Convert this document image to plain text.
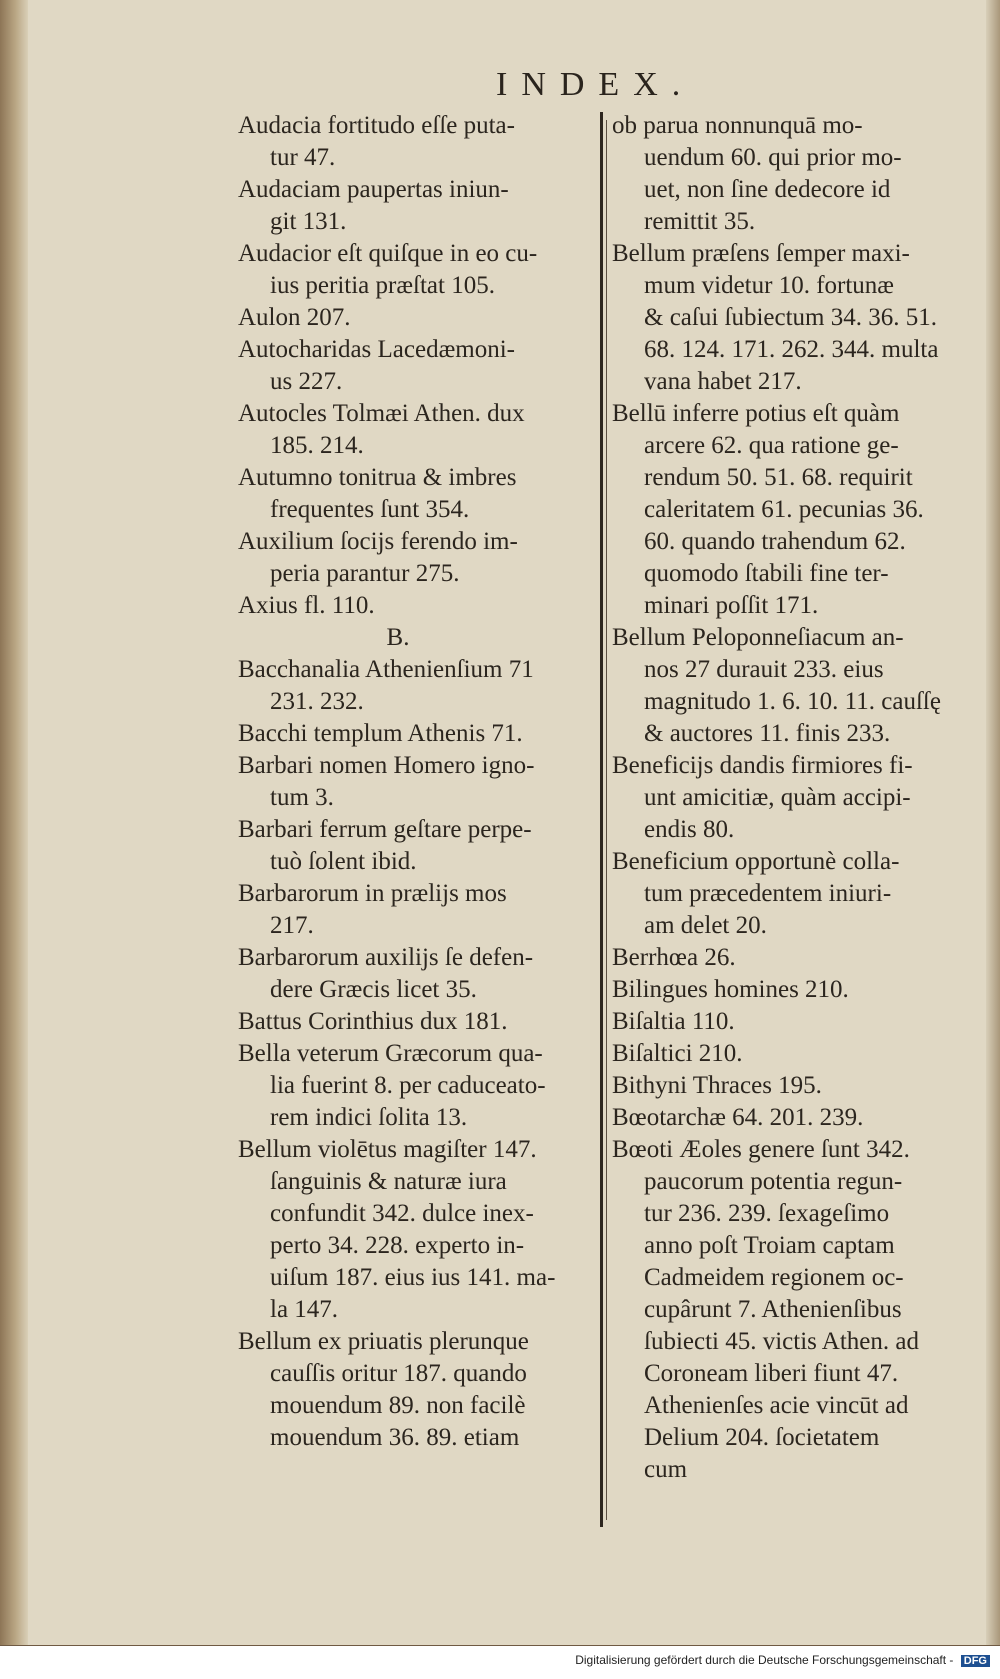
INDEX.

Audacia fortitudo eſſe puta-
tur 47.

Audaciam paupertas iniun-
git 131.

Audacior eſt quiſque in eo cu-
ius peritia præſtat 105.

Aulon 207.

Autocharidas Lacedæmoni-
us 227.

Autocles Tolmæi Athen. dux
185. 214.

Autumno tonitrua & imbres
frequentes ſunt 354.

Auxilium ſocijs ferendo im-
peria parantur 275.

Axius fl. 110.

B.

Bacchanalia Athenienſium 71
231. 232.

Bacchi templum Athenis 71.

Barbari nomen Homero igno-
tum 3.

Barbari ferrum geſtare perpe-
tuò ſolent ibid.

Barbarorum in prælijs mos
217.

Barbarorum auxilijs ſe defen-
dere Græcis licet 35.

Battus Corinthius dux 181.

Bella veterum Græcorum qua-
lia fuerint 8. per caduceato-
rem indici ſolita 13.

Bellum violētus magiſter 147.
ſanguinis & naturæ iura
confundit 342. dulce inex-
perto 34. 228. experto in-
uiſum 187. eius ius 141. ma-
la 147.

Bellum ex priuatis plerunque
cauſſis oritur 187. quando
mouendum 89. non facilè
mouendum 36. 89. etiam

ob parua nonnunquā mo-
uendum 60. qui prior mo-
uet, non ſine dedecore id
remittit 35.

Bellum præſens ſemper maxi-
mum videtur 10. fortunæ
& caſui ſubiectum 34. 36. 51.
68. 124. 171. 262. 344. multa
vana habet 217.

Bellū inferre potius eſt quàm
arcere 62. qua ratione ge-
rendum 50. 51. 68. requirit
caleritatem 61. pecunias 36.
60. quando trahendum 62.
quomodo ſtabili fine ter-
minari poſſit 171.

Bellum Peloponneſiacum an-
nos 27 durauit 233. eius
magnitudo 1. 6. 10. 11. cauſſę
& auctores 11. finis 233.

Beneficijs dandis firmiores fi-
unt amicitiæ, quàm accipi-
endis 80.

Beneficium opportunè colla-
tum præcedentem iniuri-
am delet 20.

Berrhœa 26.

Bilingues homines 210.

Biſaltia 110.

Biſaltici 210.

Bithyni Thraces 195.

Bœotarchæ 64. 201. 239.

Bœoti Æoles genere ſunt 342.
paucorum potentia regun-
tur 236. 239. ſexageſimo
anno poſt Troiam captam
Cadmeidem regionem oc-
cupârunt 7. Athenienſibus
ſubiecti 45. victis Athen. ad
Coroneam liberi fiunt 47.
Athenienſes acie vincūt ad
Delium 204. ſocietatem
cum

Digitalisierung gefördert durch die Deutsche Forschungsgemeinschaft - DFG
